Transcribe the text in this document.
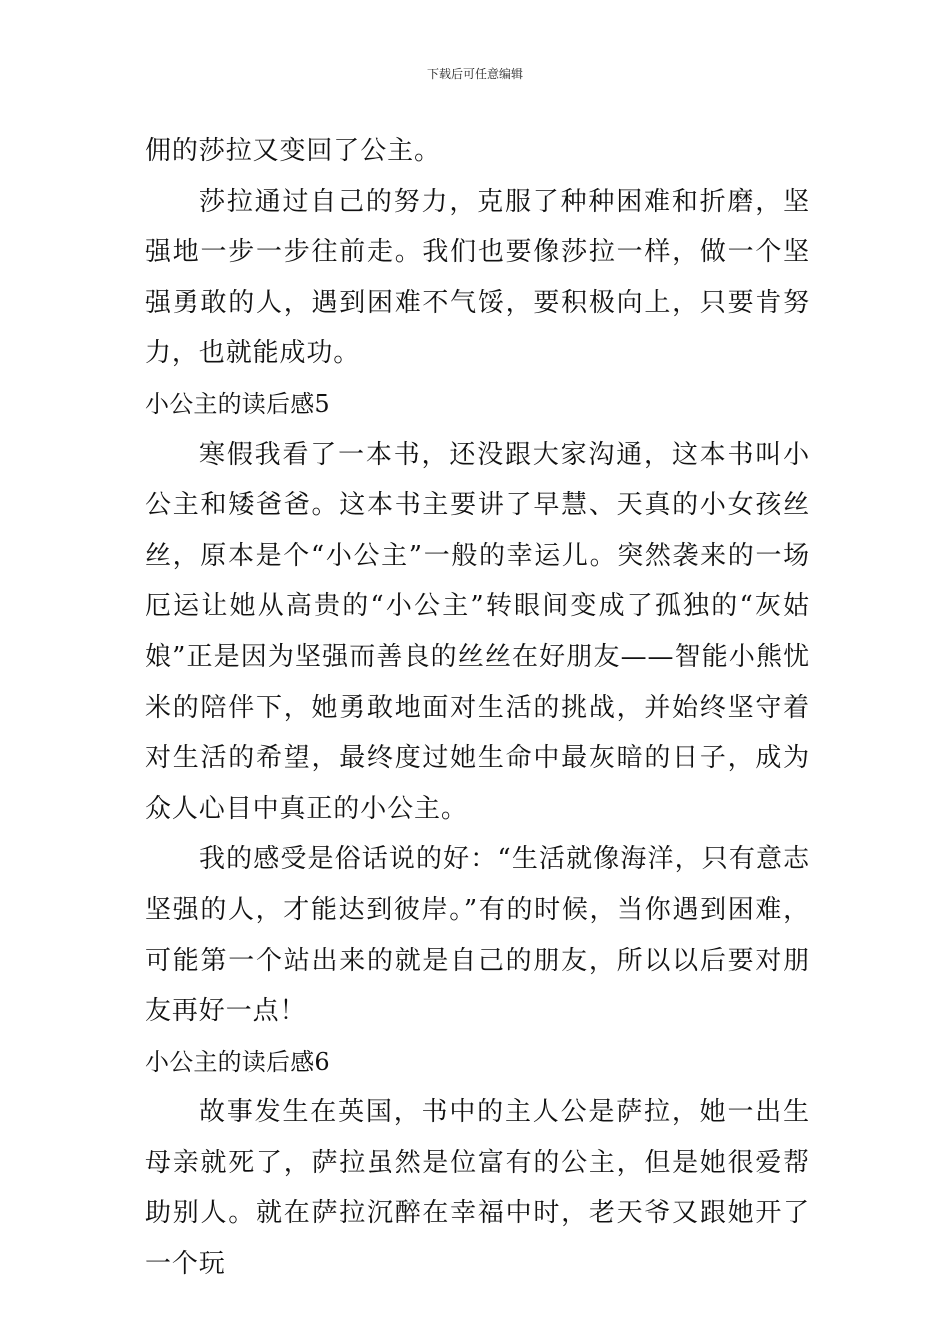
下载后可任意编辑

佣的莎拉又变回了公主。

莎拉通过自己的努力，克服了种种困难和折磨，坚强地一步一步往前走。我们也要像莎拉一样，做一个坚强勇敢的人，遇到困难不气馁，要积极向上，只要肯努力，也就能成功。

小公主的读后感5

寒假我看了一本书，还没跟大家沟通，这本书叫小公主和矮爸爸。这本书主要讲了早慧、天真的小女孩丝丝，原本是个“小公主”一般的幸运儿。突然袭来的一场厄运让她从高贵的“小公主”转眼间变成了孤独的“灰姑娘”正是因为坚强而善良的丝丝在好朋友——智能小熊忧米的陪伴下，她勇敢地面对生活的挑战，并始终坚守着对生活的希望，最终度过她生命中最灰暗的日子，成为众人心目中真正的小公主。

我的感受是俗话说的好：“生活就像海洋，只有意志坚强的人，才能达到彼岸。”有的时候，当你遇到困难，可能第一个站出来的就是自己的朋友，所以以后要对朋友再好一点！

小公主的读后感6

故事发生在英国，书中的主人公是萨拉，她一出生母亲就死了，萨拉虽然是位富有的公主，但是她很爱帮助别人。就在萨拉沉醉在幸福中时，老天爷又跟她开了一个玩
